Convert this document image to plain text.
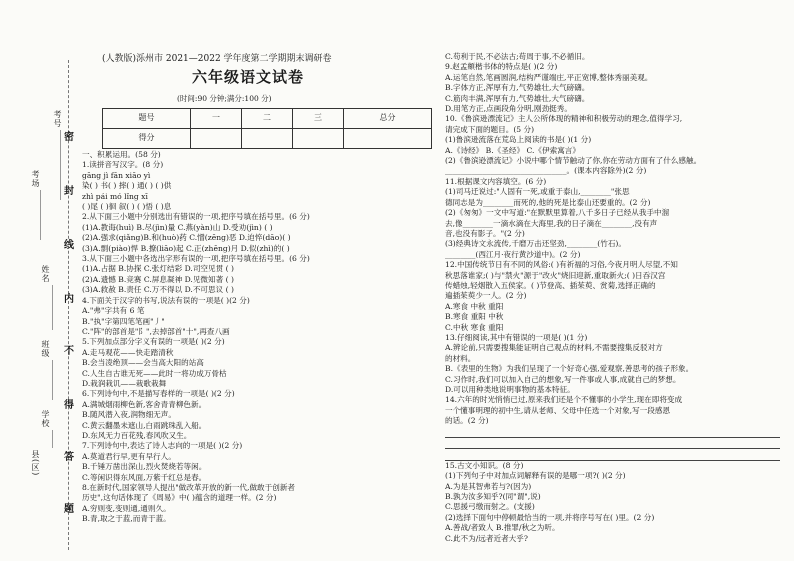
考号
考场
姓名
班级
学校
县(区)
密
封
线
内
不
得
答
题
(人教版)泺州市 2021—2022 学年度第二学期期末调研卷
六年级语文试卷
(时间:90 分钟;满分:100 分)
题号	一	二	三	总分
得分				
一、积累运用。(58 分)
1.读拼音写汉字。(8 分)
gāng jì fān xiāo yì
染( ) 书( ) 摔( ) 通( ) ( )供
zhì pái mó lǐng xī
( )尾 ( )徊 叙( ) ( )悟 ( )息
2.从下面三小题中分别选出有错误的一项,把序号填在括号里。(6 分)
(1)A.教诲(huì) B.尽(jìn)量 C.燕(yàn)山 D.受劝(jìn) ( )
(2)A.强求(qiǎng)B.和(huò)药 C.憎(zēng)恶 D.迫悴(dāo)( )
(3)A.剽(piào)悍 B.撩(liāo)起 C.正(zhēng)月 D.似(zhì)的( )
3.从下面三小题中各选出字形有误的一项,把序号填在括号里。(6 分)
(1)A.占据 B.协探 C.张灯结彩 D.司空见贯 ( )
(2)A.遗憾 B.竞赛 C.屏息凝神 D.见微知著 ( )
(3)A.救赦 B.责任 C.万不得以 D.不可思议 ( )
4.下面关于汉字的书写,说法有误的一项是( )(2 分)
A."弗"字共有 6 笔
B."执"字第四笔笔画"丿"
C."阵"的部首是"阝",去掉部首"十",再查八画
5.下列加点部分字义有误的一项是( )(2 分)
A.走马观花——快走踏清秋
B.会当凌绝顶——会当高大阳的站高
C.人生自古谁无死——此时一将功成万骨枯
D.栽润栽讥——栽歌栽舞
6.下列诗句中,不是描写春样的一项是( )(2 分)
A.满城烟雨柳色新,客舍青青柳色新。
B.随风潜入夜,润物细无声。
C.黄云翻墨未遮山,白雨跳珠乱入船。
D.东风无力百花残,春风吹又生。
7.下列诗句中,表达了诗人志向的一项是( )(2 分)
A.莫道君行早,更有早行人。
B.千锤万凿出深山,烈火焚烧若等闲。
C.等闲识得东风面,万紫千红总是春。
8.在新时代,国家领导人提出"做改革开放的新一代,做敢于创新者
历史",这句话体现了《周易》中( )蕴含的道理一样。(2 分)
A.穷则变,变则通,通则久。
B.青,取之于蓝,而青于蓝。
C.苟利于民,不必法古;苟周于事,不必循旧。
9.赵孟頫楷书体的特点是( )(2 分)
A.运笔自然,笔画圆润,结构严谨端庄,平正宽博,整体秀丽美观。
B.字体方正,浑厚有力,气势雄壮,大气磅礴。
C.筋肉丰满,浑厚有力,气势雄壮,大气磅礴。
D.用笔方正,点画段角分明,刚劲挺秀。
10.《鲁滨逊漂流记》主人公所体现的精神和积极劳动的理念,值得学习,
请完成下面的题目。(5 分)
(1)鲁滨逊流落在荒岛上阅读的书是( )(1 分)
A.《诗经》 B.《圣经》 C.《伊索寓言》
(2)《鲁滨逊漂流记》小说中哪个情节触动了你,你在劳动方面有了什么感触。
________________________________。(课本内容除外)(2 分)
11.根据课文内容填空。(6 分)
(1)司马迁说过:"人固有一死,或重于泰山,________"张思
德同志是为________而死的,他的死是比泰山还要重的。(2 分)
(2)《匆匆》一文中写道:"在默默里算着,八千多日子已经从我手中溜
去,像________一滴水滴在大海里,我的日子滴在________,没有声
音,也没有影子。"(2 分)
(3)经典诗文永流传,千磨万击还坚劲,________(竹石)。
________(西江月·夜行黄沙道中)。(2 分)
12.中国传统节日有不同的风俗:( )有祈福的习俗,今夜月明人尽望,不知
秋思落谁家;( )与"禁火"源于"改火"烧旧迎新,重取新火;( )日吞汉宫
传蜡烛,轻烟散入五侯家。( )节登高、插茱萸、赏菊,选择正确的
遍插茱萸少一人。(2 分)
A.寒食 中秋 重阳
B.寒食 重阳 中秋
C.中秋 寒食 重阳
13.仔细阅读,其中有错误的一项是( )(1 分)
A.辨论前,只需要搜集能证明自己观点的材料,不需要搜集反驳对方
的材料。
B.《表里的生物》为我们呈现了一个好奇心强,爱观察,善思考的孩子形象。
C.习作时,我们可以加入自己的想象,写一件事或人事,成就自己的梦想。
D.可以用种类地说明事物的基本特征。
14.六年的时光悄悄已过,原来我们还是个不懂事的小学生,现在即将变成
一个懂事明理的初中生,请从老师、父母中任选一个对象,写一段感恩
的话。(2 分)
15.古文小知识。(8 分)
(1)下列句子中对加点词解释有误的是哪一项?( )(2 分)
A.为是其智弗若与?(因为)
B.孰为汝多知乎?(同"谓",说)
C.思援弓缴而射之。(支援)
(2)选择下面句中停顿最恰当的一项,并将序号写在( )里。(2 分)
A.善战/者致人 B.推罪/秋之为听。
C.此不为/远者近者大乎?
